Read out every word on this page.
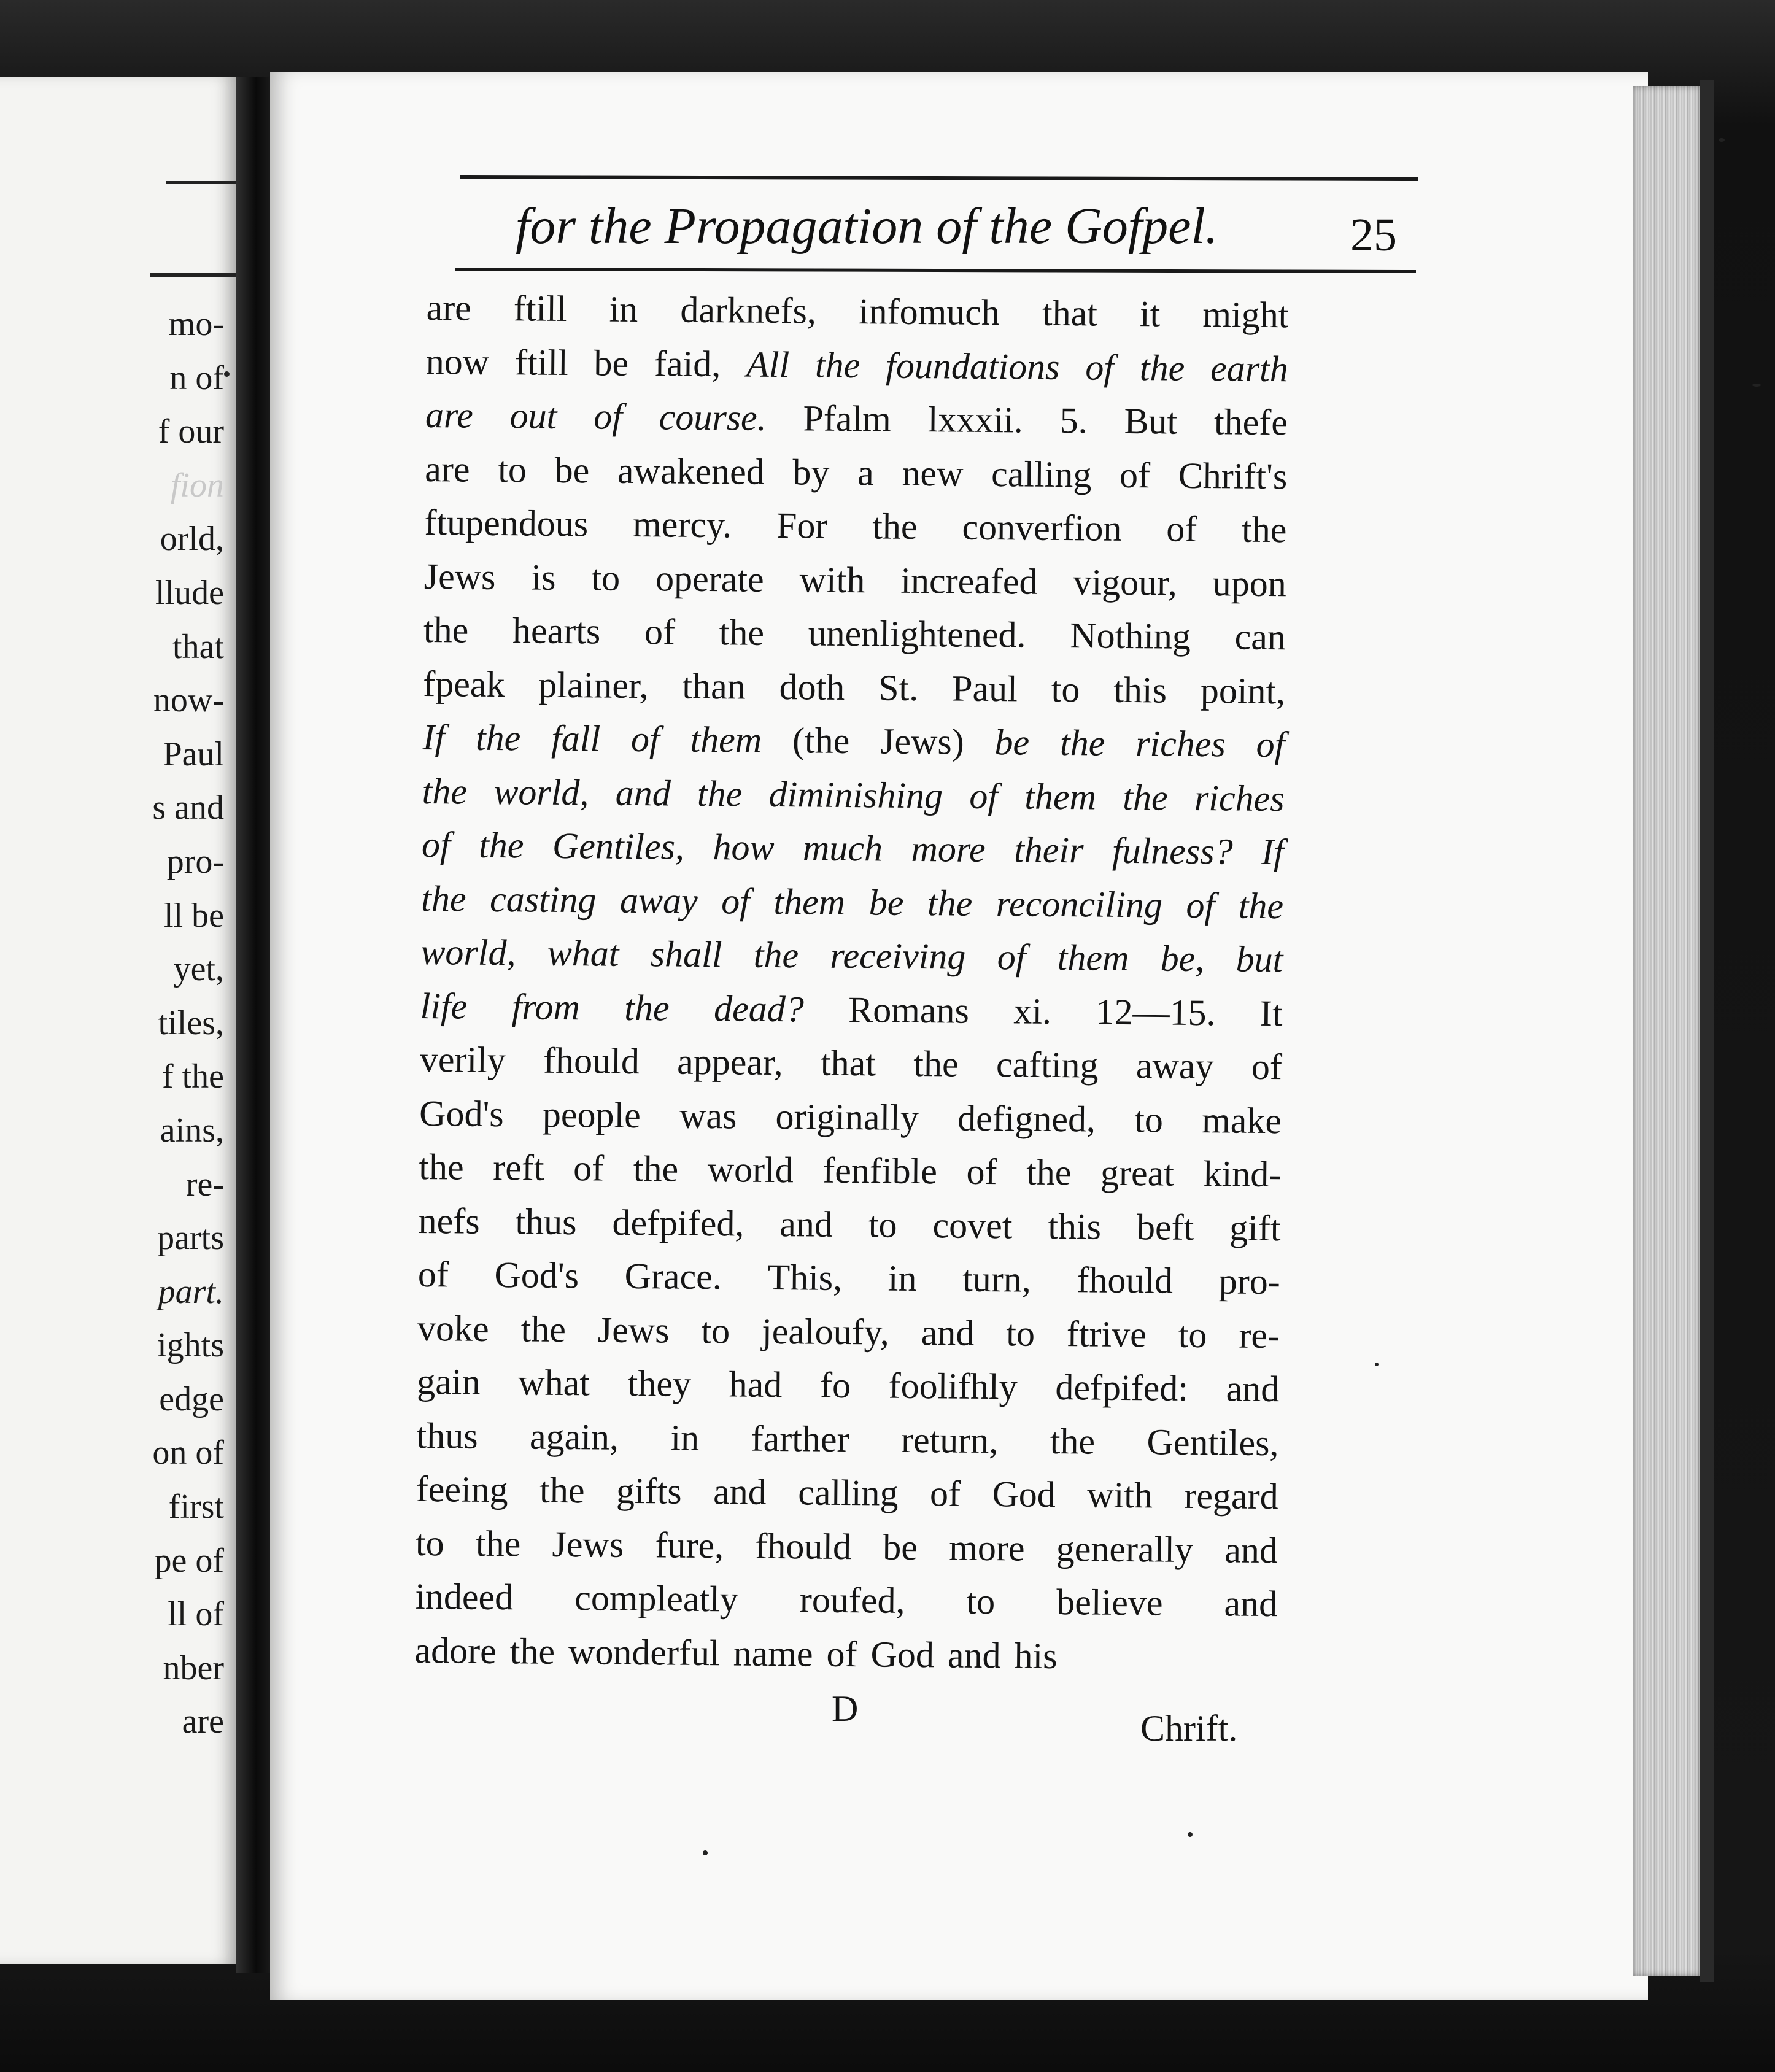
mo-
n of
f our
fion
orld,
llude
that
now-
Paul
s and
pro-
ll be
yet,
tiles,
f the
ains,
re-
parts
part.
ights
edge
on of
first
pe of
ll of
nber
are
for the Propagation of the Gofpel.	25
are ftill in darknefs, infomuch that it might
now ftill be faid, All the foundations of the earth
are out of course. Pfalm lxxxii. 5. But thefe
are to be awakened by a new calling of Chrift's
ftupendous mercy. For the converfion of the
Jews is to operate with increafed vigour, upon
the hearts of the unenlightened. Nothing can
fpeak plainer, than doth St. Paul to this point,
If the fall of them (the Jews) be the riches of
the world, and the diminishing of them the riches
of the Gentiles, how much more their fulness? If
the casting away of them be the reconciling of the
world, what shall the receiving of them be, but
life from the dead? Romans xi. 12—15. It
verily fhould appear, that the cafting away of
God's people was originally defigned, to make
the reft of the world fenfible of the great kind-
nefs thus defpifed, and to covet this beft gift
of God's Grace. This, in turn, fhould pro-
voke the Jews to jealoufy, and to ftrive to re-
gain what they had fo foolifhly defpifed: and
thus again, in farther return, the Gentiles,
feeing the gifts and calling of God with regard
to the Jews fure, fhould be more generally and
indeed compleatly roufed, to believe and
adore the wonderful name of God and his
D	Chrift.
